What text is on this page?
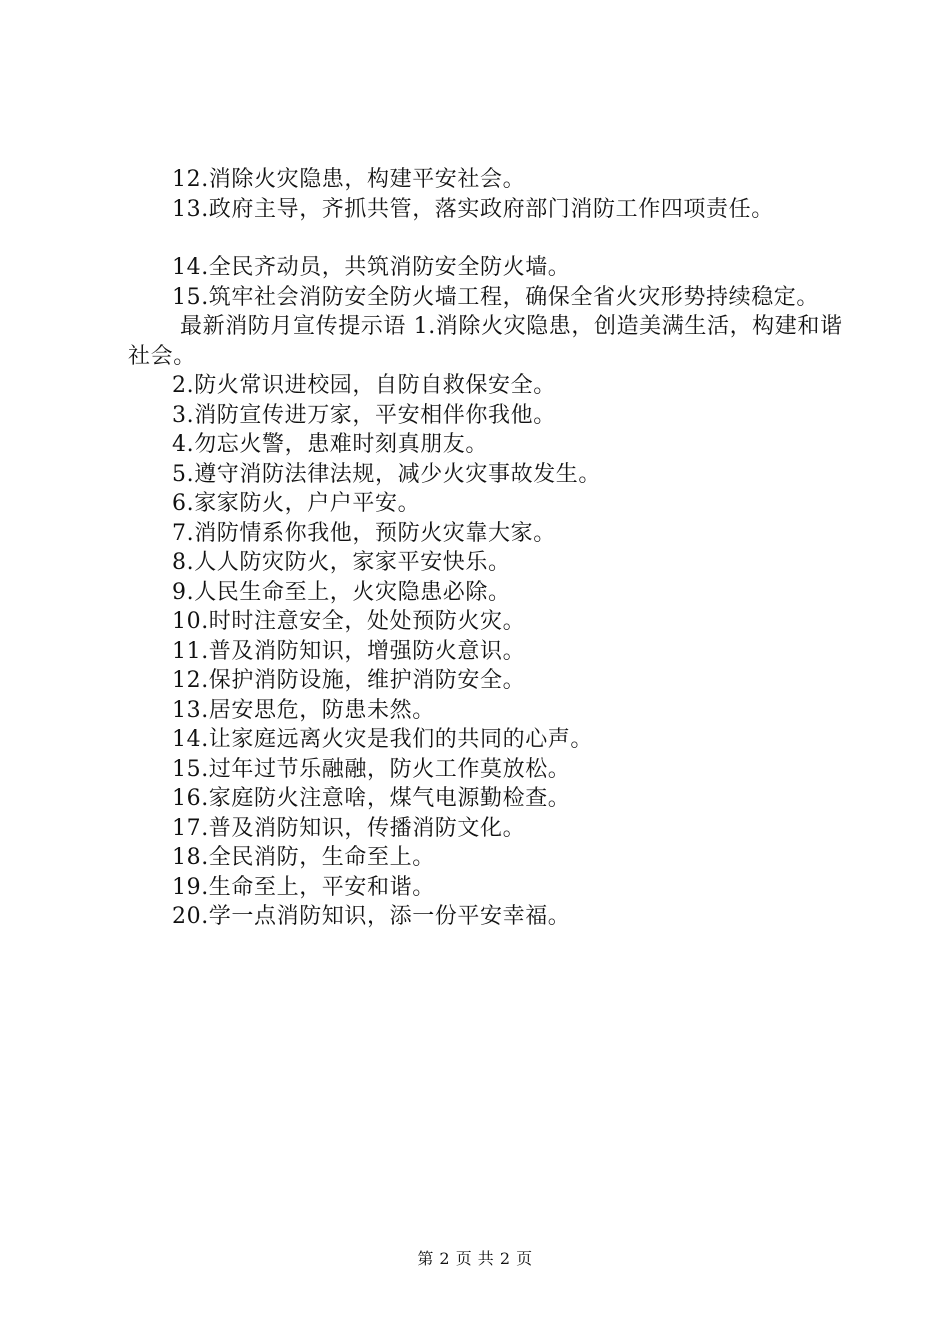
12.消除火灾隐患，构建平安社会。

13.政府主导，齐抓共管，落实政府部门消防工作四项责任。

14.全民齐动员，共筑消防安全防火墙。

15.筑牢社会消防安全防火墙工程，确保全省火灾形势持续稳定。

最新消防月宣传提示语 1.消除火灾隐患，创造美满生活，构建和谐社会。

2.防火常识进校园，自防自救保安全。

3.消防宣传进万家，平安相伴你我他。

4.勿忘火警，患难时刻真朋友。

5.遵守消防法律法规，减少火灾事故发生。

6.家家防火，户户平安。

7.消防情系你我他，预防火灾靠大家。

8.人人防灾防火，家家平安快乐。

9.人民生命至上，火灾隐患必除。

10.时时注意安全，处处预防火灾。

11.普及消防知识，增强防火意识。

12.保护消防设施，维护消防安全。

13.居安思危，防患未然。

14.让家庭远离火灾是我们的共同的心声。

15.过年过节乐融融，防火工作莫放松。

16.家庭防火注意啥，煤气电源勤检查。

17.普及消防知识，传播消防文化。

18.全民消防，生命至上。

19.生命至上，平安和谐。

20.学一点消防知识，添一份平安幸福。

第 2 页 共 2 页
